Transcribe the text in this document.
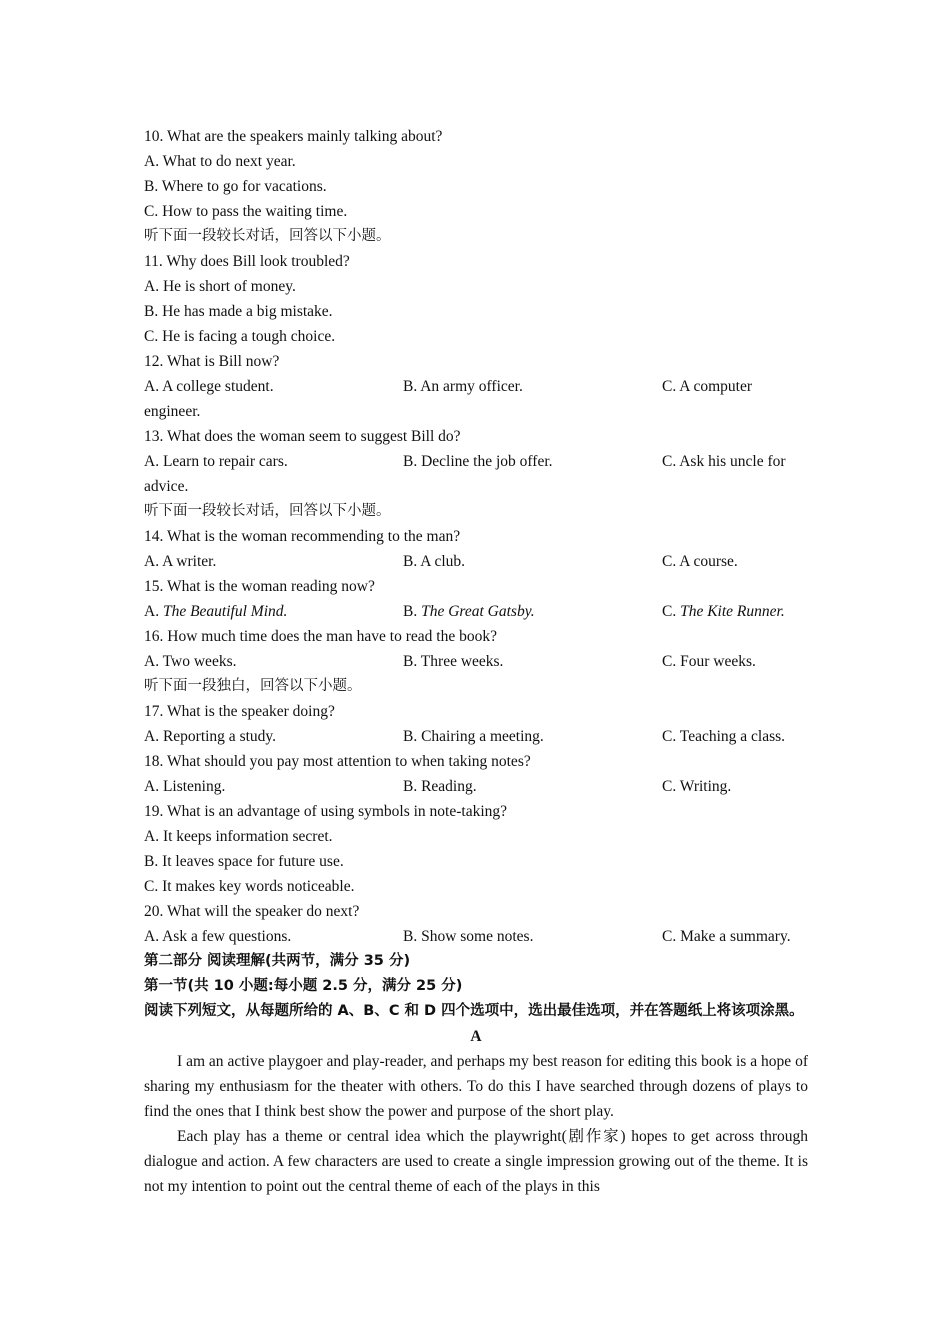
10. What are the speakers mainly talking about?
A. What to do next year.
B. Where to go for vacations.
C. How to pass the waiting time.
听下面一段较长对话，回答以下小题。
11. Why does Bill look troubled?
A. He is short of money.
B. He has made a big mistake.
C. He is facing a tough choice.
12. What is Bill now?
A. A college student.	B. An army officer.	C. A computer
engineer.
13. What does the woman seem to suggest Bill do?
A. Learn to repair cars.	B. Decline the job offer.	C. Ask his uncle for
advice.
听下面一段较长对话，回答以下小题。
14. What is the woman recommending to the man?
A. A writer.	B. A club.	C. A course.
15. What is the woman reading now?
A. The Beautiful Mind.	B. The Great Gatsby.	C. The Kite Runner.
16. How much time does the man have to read the book?
A. Two weeks.	B. Three weeks.	C. Four weeks.
听下面一段独白，回答以下小题。
17. What is the speaker doing?
A. Reporting a study.	B. Chairing a meeting.	C. Teaching a class.
18. What should you pay most attention to when taking notes?
A. Listening.	B. Reading.	C. Writing.
19. What is an advantage of using symbols in note-taking?
A. It keeps information secret.
B. It leaves space for future use.
C. It makes key words noticeable.
20. What will the speaker do next?
A. Ask a few questions.	B. Show some notes.	C. Make a summary.
第二部分 阅读理解(共两节，满分 35 分)
第一节(共 10 小题:每小题 2.5 分，满分 25 分)
阅读下列短文，从每题所给的 A、B、C 和 D 四个选项中，选出最佳选项，并在答题纸上将该项涂黑。
A
I am an active playgoer and play-reader, and perhaps my best reason for editing this book is a hope of sharing my enthusiasm for the theater with others. To do this I have searched through dozens of plays to find the ones that I think best show the power and purpose of the short play.
Each play has a theme or central idea which the playwright(剧作家) hopes to get across through dialogue and action. A few characters are used to create a single impression growing out of the theme. It is not my intention to point out the central theme of each of the plays in this
